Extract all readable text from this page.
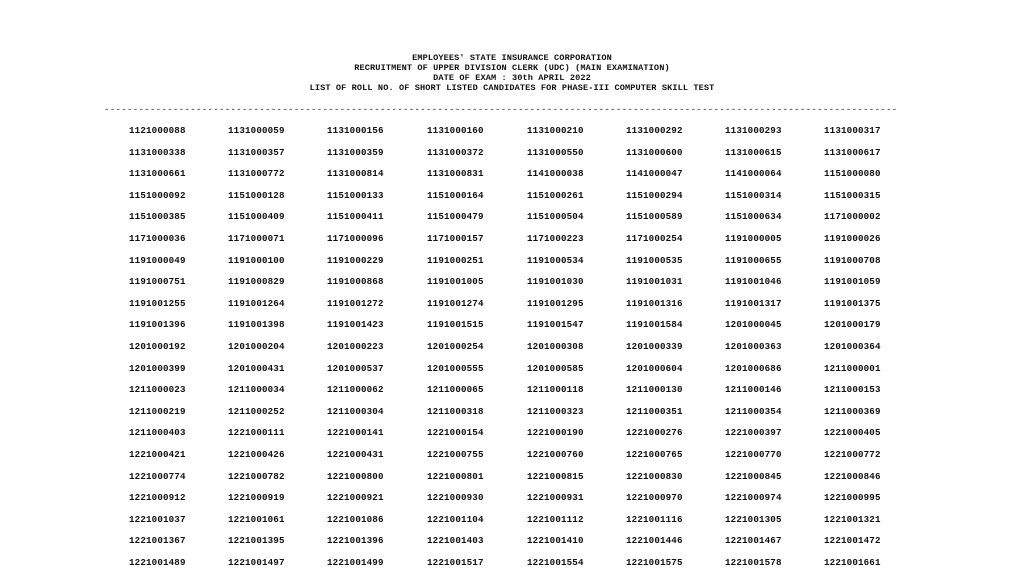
EMPLOYEES' STATE INSURANCE CORPORATION
RECRUITMENT OF UPPER DIVISION CLERK (UDC) (MAIN EXAMINATION)
DATE OF EXAM : 30th APRIL 2022
LIST OF ROLL NO. OF SHORT LISTED CANDIDATES FOR PHASE-III COMPUTER SKILL TEST
------------------------------------------------------------------------------------------------------------------------------------------
1121000088	1131000059	1131000156	1131000160	1131000210	1131000292	1131000293	1131000317
1131000338	1131000357	1131000359	1131000372	1131000550	1131000600	1131000615	1131000617
1131000661	1131000772	1131000814	1131000831	1141000038	1141000047	1141000064	1151000080
1151000092	1151000128	1151000133	1151000164	1151000261	1151000294	1151000314	1151000315
1151000385	1151000409	1151000411	1151000479	1151000504	1151000589	1151000634	1171000002
1171000036	1171000071	1171000096	1171000157	1171000223	1171000254	1191000005	1191000026
1191000049	1191000100	1191000229	1191000251	1191000534	1191000535	1191000655	1191000708
1191000751	1191000829	1191000868	1191001005	1191001030	1191001031	1191001046	1191001059
1191001255	1191001264	1191001272	1191001274	1191001295	1191001316	1191001317	1191001375
1191001396	1191001398	1191001423	1191001515	1191001547	1191001584	1201000045	1201000179
1201000192	1201000204	1201000223	1201000254	1201000308	1201000339	1201000363	1201000364
1201000399	1201000431	1201000537	1201000555	1201000585	1201000604	1201000686	1211000001
1211000023	1211000034	1211000062	1211000065	1211000118	1211000130	1211000146	1211000153
1211000219	1211000252	1211000304	1211000318	1211000323	1211000351	1211000354	1211000369
1211000403	1221000111	1221000141	1221000154	1221000190	1221000276	1221000397	1221000405
1221000421	1221000426	1221000431	1221000755	1221000760	1221000765	1221000770	1221000772
1221000774	1221000782	1221000800	1221000801	1221000815	1221000830	1221000845	1221000846
1221000912	1221000919	1221000921	1221000930	1221000931	1221000970	1221000974	1221000995
1221001037	1221001061	1221001086	1221001104	1221001112	1221001116	1221001305	1221001321
1221001367	1221001395	1221001396	1221001403	1221001410	1221001446	1221001467	1221001472
1221001489	1221001497	1221001499	1221001517	1221001554	1221001575	1221001578	1221001661
